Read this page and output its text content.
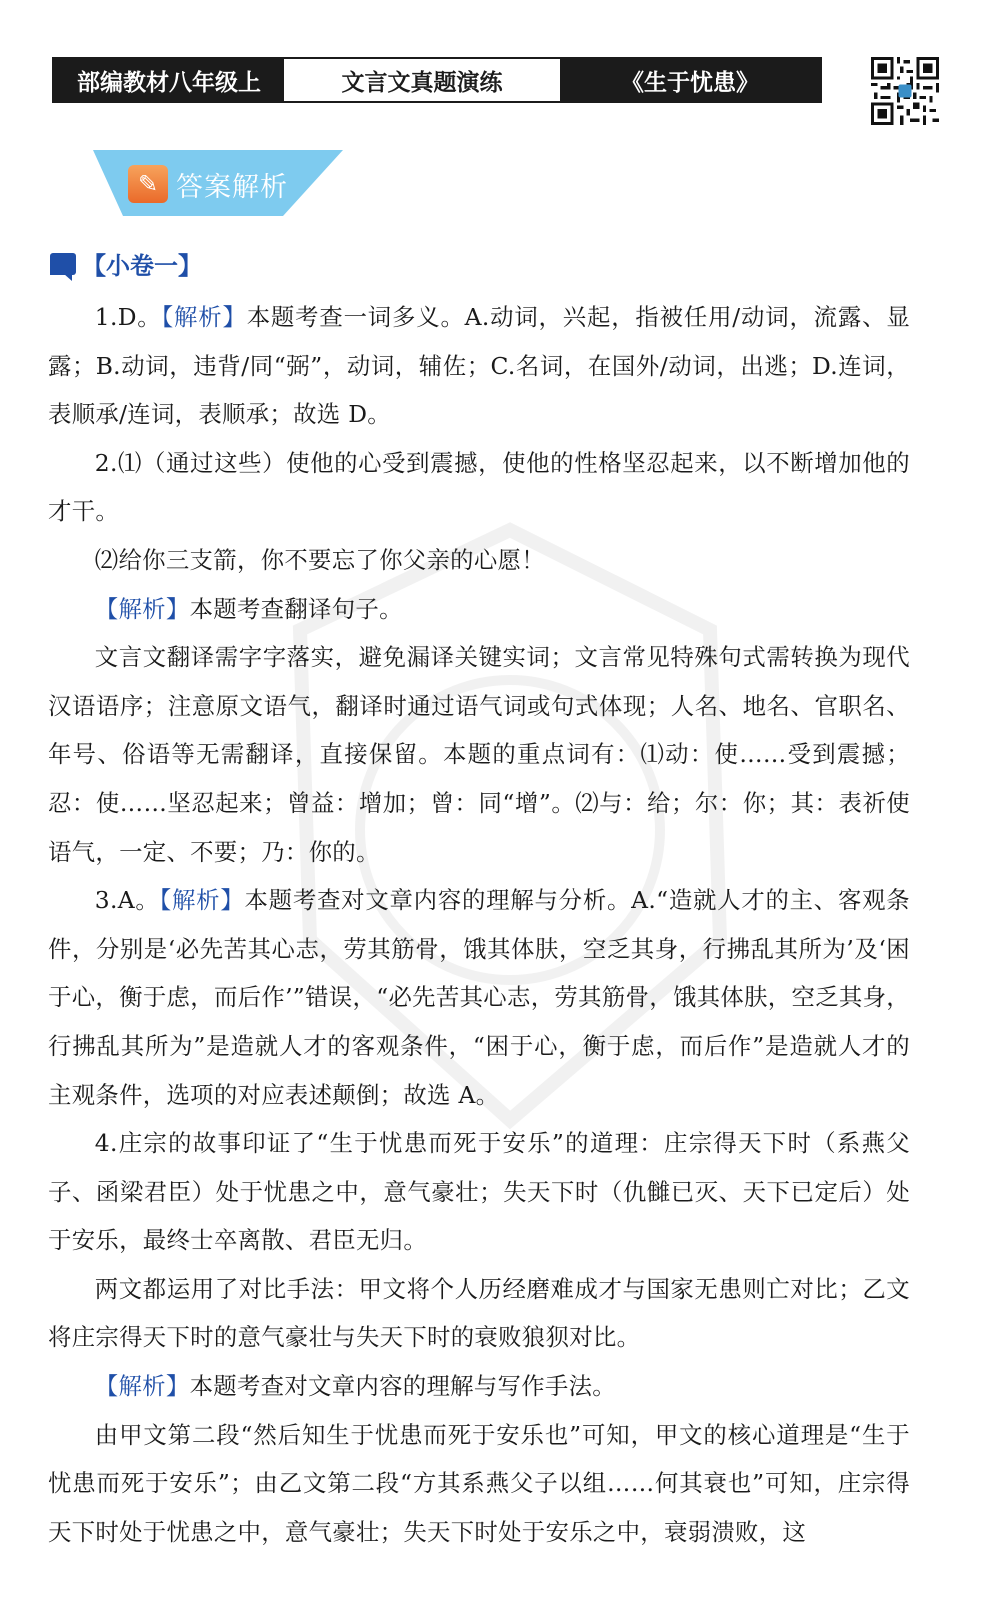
部编教材八年级上	文言文真题演练	《生于忧患》
✎ 答案解析
【小卷一】

1.D。【解析】本题考查一词多义。A.动词，兴起，指被任用/动词，流露、显露；B.动词，违背/同“弼”，动词，辅佐；C.名词，在国外/动词，出逃；D.连词，表顺承/连词，表顺承；故选 D。

2.⑴（通过这些）使他的心受到震撼，使他的性格坚忍起来，以不断增加他的才干。

⑵给你三支箭，你不要忘了你父亲的心愿！

【解析】本题考查翻译句子。

文言文翻译需字字落实，避免漏译关键实词；文言常见特殊句式需转换为现代汉语语序；注意原文语气，翻译时通过语气词或句式体现；人名、地名、官职名、年号、俗语等无需翻译，直接保留。本题的重点词有：⑴动：使……受到震撼；忍：使……坚忍起来；曾益：增加；曾：同“增”。⑵与：给；尔：你；其：表祈使语气，一定、不要；乃：你的。

3.A。【解析】本题考查对文章内容的理解与分析。A.“造就人才的主、客观条件，分别是‘必先苦其心志，劳其筋骨，饿其体肤，空乏其身，行拂乱其所为’及‘困于心，衡于虑，而后作’”错误，“必先苦其心志，劳其筋骨，饿其体肤，空乏其身，行拂乱其所为”是造就人才的客观条件，“困于心，衡于虑，而后作”是造就人才的主观条件，选项的对应表述颠倒；故选 A。

4.庄宗的故事印证了“生于忧患而死于安乐”的道理：庄宗得天下时（系燕父子、函梁君臣）处于忧患之中，意气豪壮；失天下时（仇雠已灭、天下已定后）处于安乐，最终士卒离散、君臣无归。

两文都运用了对比手法：甲文将个人历经磨难成才与国家无患则亡对比；乙文将庄宗得天下时的意气豪壮与失天下时的衰败狼狈对比。

【解析】本题考查对文章内容的理解与写作手法。

由甲文第二段“然后知生于忧患而死于安乐也”可知，甲文的核心道理是“生于忧患而死于安乐”；由乙文第二段“方其系燕父子以组……何其衰也”可知，庄宗得天下时处于忧患之中，意气豪壮；失天下时处于安乐之中，衰弱溃败，这
